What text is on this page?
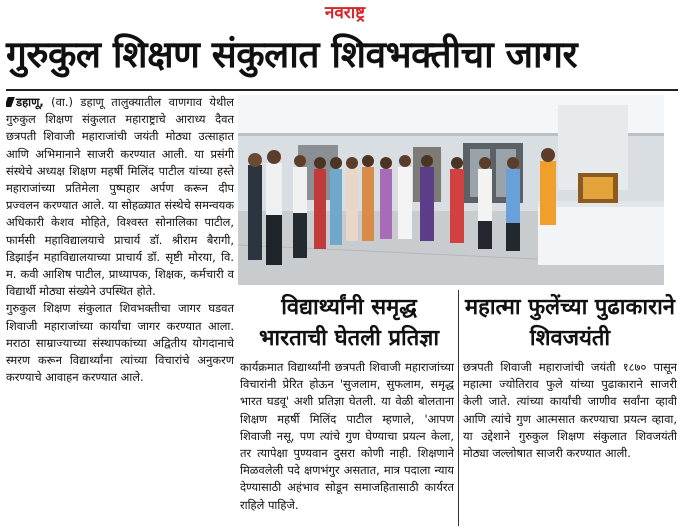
नवराष्ट्र
गुरुकुल शिक्षण संकुलात शिवभक्तीचा जागर

डहाणू, (वा.) डहाणू तालुक्यातील वाणगाव येथील गुरुकुल शिक्षण संकुलात महाराष्ट्राचे आराध्य दैवत छत्रपती शिवाजी महाराजांची जयंती मोठ्या उत्साहात आणि अभिमानाने साजरी करण्यात आली. या प्रसंगी संस्थेचे अध्यक्ष शिक्षण महर्षी मिलिंद पाटील यांच्या हस्ते महाराजांच्या प्रतिमेला पुष्पहार अर्पण करून दीप प्रज्वलन करण्यात आले. या सोहळ्यात संस्थेचे समन्वयक अधिकारी केशव मोहिते, विश्वस्त सोनालिका पाटील, फार्मसी महाविद्यालयाचे प्राचार्य डॉ. श्रीराम बैरागी, डिझाईन महाविद्यालयाच्या प्राचार्य डॉ. सृष्टी मोरया, वि. म. कवी आशिष पाटील, प्राध्यापक, शिक्षक, कर्मचारी व विद्यार्थी मोठ्या संख्येने उपस्थित होते.

गुरुकुल शिक्षण संकुलात शिवभक्तीचा जागर घडवत शिवाजी महाराजांच्या कार्यांचा जागर करण्यात आला. मराठा साम्राज्याच्या संस्थापकांच्या अद्वितीय योगदानाचे स्मरण करून विद्यार्थ्यांना त्यांच्या विचारांचे अनुकरण करण्याचे आवाहन करण्यात आले.

विद्यार्थ्यांनी समृद्ध भारताची घेतली प्रतिज्ञा
महात्मा फुलेंच्या पुढाकाराने शिवजयंती
कार्यक्रमात विद्यार्थ्यांनी छत्रपती शिवाजी महाराजांच्या विचारांनी प्रेरित होऊन 'सुजलाम, सुफलाम, समृद्ध भारत घडवू' अशी प्रतिज्ञा घेतली. या वेळी बोलताना शिक्षण महर्षी मिलिंद पाटील म्हणाले, 'आपण शिवाजी नसू, पण त्यांचे गुण घेण्याचा प्रयत्न केला, तर त्यापेक्षा पुण्यवान दुसरा कोणी नाही. शिक्षणाने मिळवलेली पदे क्षणभंगुर असतात, मात्र पदाला न्याय देण्यासाठी अहंभाव सोडून समाजहितासाठी कार्यरत राहिले पाहिजे.
छत्रपती शिवाजी महाराजांची जयंती १८७० पासून महात्मा ज्योतिराव फुले यांच्या पुढाकाराने साजरी केली जाते. त्यांच्या कार्यांची जाणीव सर्वांना व्हावी आणि त्यांचे गुण आत्मसात करण्याचा प्रयत्न व्हावा, या उद्देशाने गुरुकुल शिक्षण संकुलात शिवजयंती मोठ्या जल्लोषात साजरी करण्यात आली.
